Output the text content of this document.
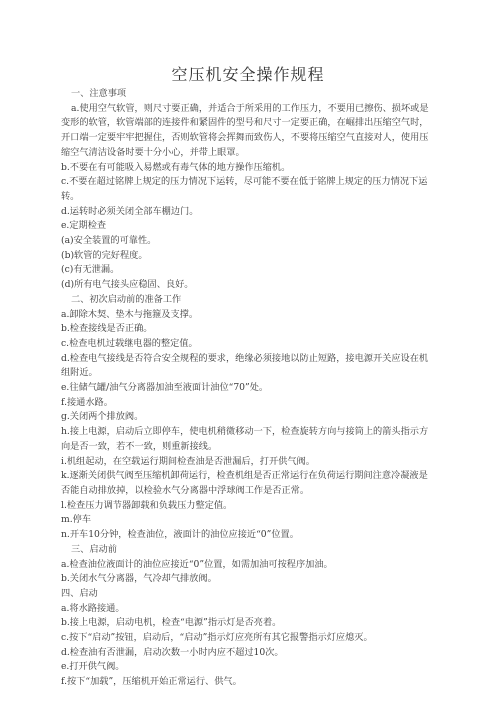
空压机安全操作规程

一、注意事项

a.使用空气软管，则尺寸要正确，并适合于所采用的工作压力，不要用已擦伤、损坏或是变形的软管，软管端部的连接件和紧固件的型号和尺寸一定要正确，在崛排出压缩空气时，开口端一定要牢牢把握住，否则软管将会挥舞而致伤人，不要将压缩空气直接对人，使用压缩空气清洁设备时要十分小心，并带上眼罩。

b.不要在有可能吸入易燃或有毒气体的地方操作压缩机。

c.不要在超过铭牌上规定的压力情况下运转，尽可能不要在低于铭牌上规定的压力情况下运转。

d.运转时必须关闭全部车棚边门。

e.定期检查

(a)安全装置的可靠性。

(b)软管的完好程度。

(c)有无泄漏。

(d)所有电气接头应稳固、良好。

二、初次启动前的准备工作

a.卸除木契、垫木与拖箍及支撑。

b.检查接线是否正确。

c.检查电机过载继电器的整定值。

d.检查电气接线是否符合安全规程的要求，绝缘必须接地以防止短路，接电源开关应设在机组附近。

e.往储气罐/油气分离器加油至液面计油位“70”处。

f.接通水路。

g.关闭两个排放阀。

h.接上电源，启动后立即停车，使电机稍微移动一下，检查旋转方向与接筒上的箭头指示方向是否一致，若不一致，则重新接线。

i.机组起动，在空载运行期间检查油是否泄漏后，打开供气阀。

k.逐渐关闭供气阀至压缩机卸荷运行，检查机组是否正常运行在负荷运行期间注意冷凝液是否能自动排放掉，以检验水气分离器中浮球阀工作是否正常。

l.检查压力调节器卸载和负载压力整定值。

m.停车

n.开车10分钟，检查油位，液面计的油位应接近“0”位置。

三、启动前

a.检查油位液面计的油位应接近“0”位置，如需加油可按程序加油。

b.关闭水气分离器，气冷却气排放阀。

四、启动

a.将水路接通。

b.接上电源，启动电机，检查“电源”指示灯是否亮着。

c.按下“启动”按钮，启动后，“启动”指示灯应亮所有其它报警指示灯应熄灭。

d.检查油有否泄漏，启动次数一小时内应不超过10次。

e.打开供气阀。

f.按下“加载”，压缩机开始正常运行、供气。
